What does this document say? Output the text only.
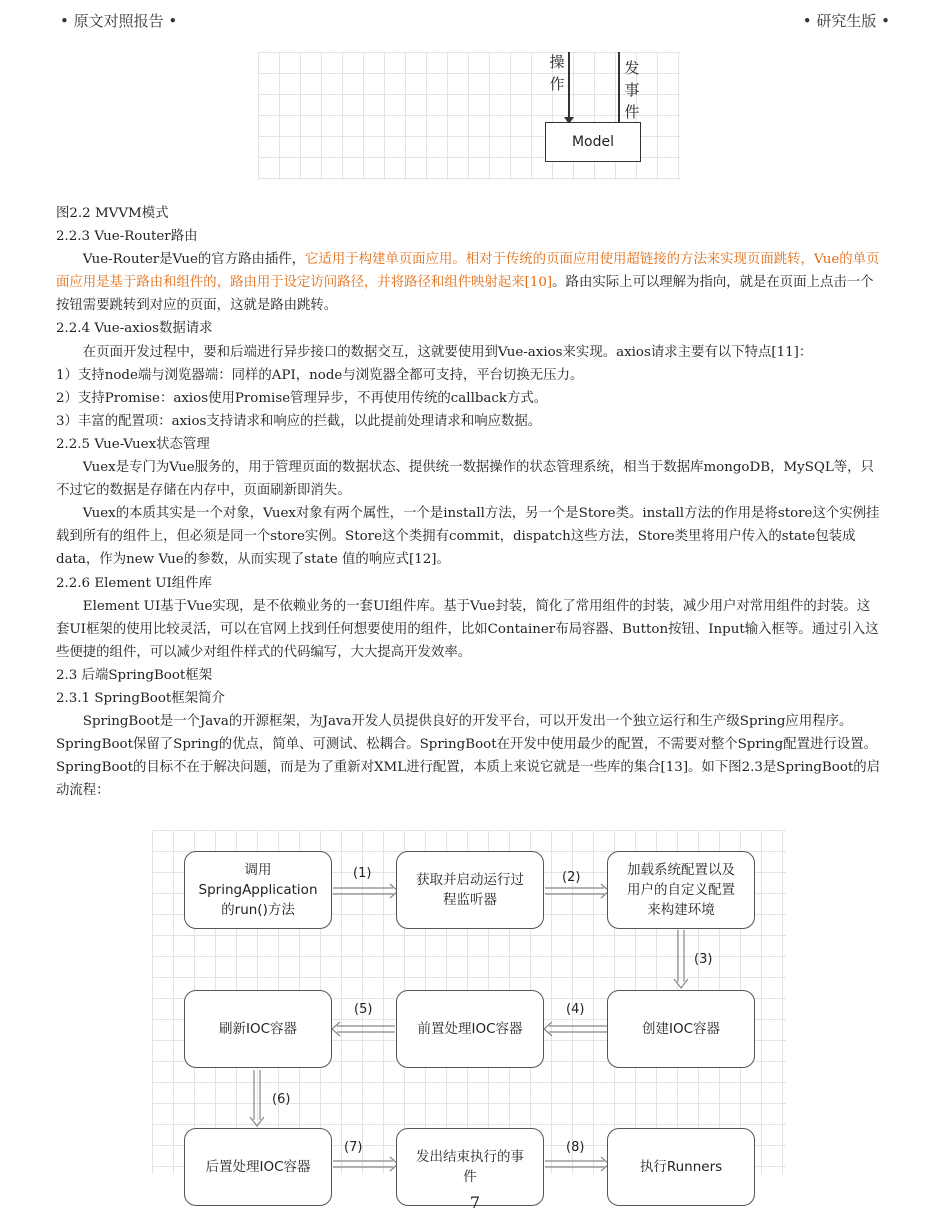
• 原文对照报告 •	• 研究生版 •
操
作
发
事
件
Model

图2.2 MVVM模式

2.2.3 Vue-Router路由

Vue-Router是Vue的官方路由插件，它适用于构建单页面应用。相对于传统的页面应用使用超链接的方法来实现页面跳转，Vue的单页面应用是基于路由和组件的，路由用于设定访问路径，并将路径和组件映射起来[10]。路由实际上可以理解为指向，就是在页面上点击一个按钮需要跳转到对应的页面，这就是路由跳转。

2.2.4 Vue-axios数据请求

在页面开发过程中，要和后端进行异步接口的数据交互，这就要使用到Vue-axios来实现。axios请求主要有以下特点[11]：

1）支持node端与浏览器端：同样的API，node与浏览器全都可支持，平台切换无压力。

2）支持Promise：axios使用Promise管理异步，不再使用传统的callback方式。

3）丰富的配置项：axios支持请求和响应的拦截，以此提前处理请求和响应数据。

2.2.5 Vue-Vuex状态管理

Vuex是专门为Vue服务的，用于管理页面的数据状态、提供统一数据操作的状态管理系统，相当于数据库mongoDB，MySQL等，只不过它的数据是存储在内存中，页面刷新即消失。

Vuex的本质其实是一个对象，Vuex对象有两个属性，一个是install方法，另一个是Store类。install方法的作用是将store这个实例挂载到所有的组件上，但必须是同一个store实例。Store这个类拥有commit，dispatch这些方法，Store类里将用户传入的state包装成data，作为new Vue的参数，从而实现了state 值的响应式[12]。

2.2.6 Element UI组件库

Element UI基于Vue实现，是不依赖业务的一套UI组件库。基于Vue封装，简化了常用组件的封装，减少用户对常用组件的封装。这套UI框架的使用比较灵活，可以在官网上找到任何想要使用的组件，比如Container布局容器、Button按钮、Input输入框等。通过引入这些便捷的组件，可以减少对组件样式的代码编写，大大提高开发效率。

2.3 后端SpringBoot框架

2.3.1 SpringBoot框架简介

SpringBoot是一个Java的开源框架，为Java开发人员提供良好的开发平台，可以开发出一个独立运行和生产级Spring应用程序。SpringBoot保留了Spring的优点，简单、可测试、松耦合。SpringBoot在开发中使用最少的配置，不需要对整个Spring配置进行设置。SpringBoot的目标不在于解决问题，而是为了重新对XML进行配置，本质上来说它就是一些库的集合[13]。如下图2.3是SpringBoot的启动流程：

调用
SpringApplication
的run()方法
获取并启动运行过
程监听器
加载系统配置以及
用户的自定义配置
来构建环境
创建IOC容器
前置处理IOC容器
刷新IOC容器
后置处理IOC容器
发出结束执行的事
件
执行Runners
(1)	(2)
(3)
(4)
(5)
(6)
(7)	(8)
7
